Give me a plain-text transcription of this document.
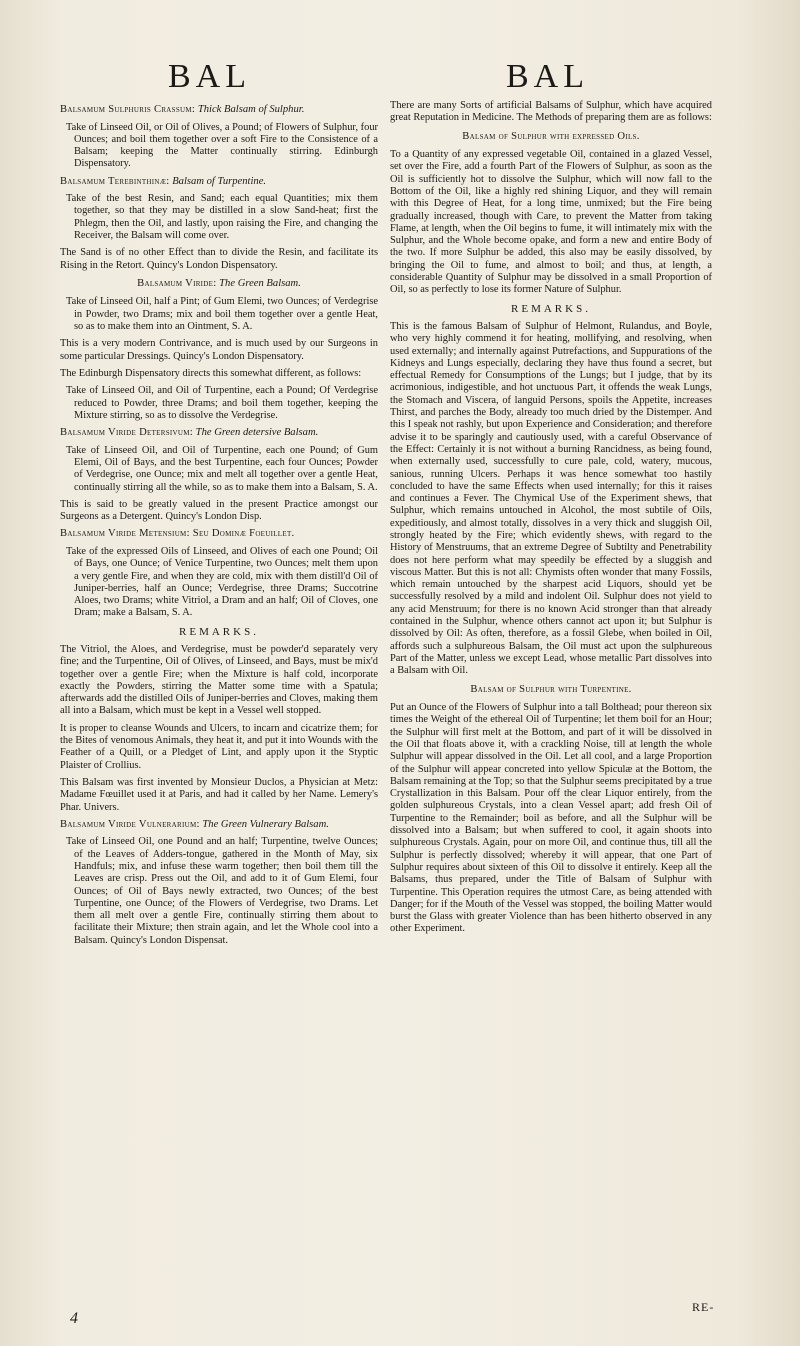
BAL	BAL
Balsamum Sulphuris Crassum: Thick Balsam of Sulphur.

Take of Linseed Oil, or Oil of Olives, a Pound; of Flowers of Sulphur, four Ounces; and boil them together over a soft Fire to the Consistence of a Balsam; keeping the Matter continually stirring. Edinburgh Dispensatory.

Balsamum Terebinthinæ: Balsam of Turpentine.

Take of the best Resin, and Sand; each equal Quantities; mix them together, so that they may be distilled in a slow Sand-heat; first the Phlegm, then the Oil, and lastly, upon raising the Fire, and changing the Receiver, the Balsam will come over.

The Sand is of no other Effect than to divide the Resin, and facilitate its Rising in the Retort. Quincy's London Dispensatory.

Balsamum Viride: The Green Balsam.

Take of Linseed Oil, half a Pint; of Gum Elemi, two Ounces; of Verdegrise in Powder, two Drams; mix and boil them together over a gentle Heat, so as to make them into an Ointment, S. A.

This is a very modern Contrivance, and is much used by our Surgeons in some particular Dressings. Quincy's London Dispensatory.

The Edinburgh Dispensatory directs this somewhat different, as follows:

Take of Linseed Oil, and Oil of Turpentine, each a Pound; Of Verdegrise reduced to Powder, three Drams; and boil them together, keeping the Mixture stirring, so as to dissolve the Verdegrise.

Balsamum Viride Detersivum: The Green detersive Balsam.

Take of Linseed Oil, and Oil of Turpentine, each one Pound; of Gum Elemi, Oil of Bays, and the best Turpentine, each four Ounces; Powder of Verdegrise, one Ounce; mix and melt all together over a gentle Heat, continually stirring all the while, so as to make them into a Balsam, S. A.

This is said to be greatly valued in the present Practice amongst our Surgeons as a Detergent. Quincy's London Disp.

Balsamum Viride Metensium: Seu Dominæ Foeuillet.

Take of the expressed Oils of Linseed, and Olives of each one Pound; Oil of Bays, one Ounce; of Venice Turpentine, two Ounces; melt them upon a very gentle Fire, and when they are cold, mix with them distill'd Oil of Juniper-berries, half an Ounce; Verdegrise, three Drams; Succotrine Aloes, two Drams; white Vitriol, a Dram and an half; Oil of Cloves, one Dram; make a Balsam, S. A.

REMARKS.

The Vitriol, the Aloes, and Verdegrise, must be powder'd separately very fine; and the Turpentine, Oil of Olives, of Linseed, and Bays, must be mix'd together over a gentle Fire; when the Mixture is half cold, incorporate exactly the Powders, stirring the Matter some time with a Spatula; afterwards add the distilled Oils of Juniper-berries and Cloves, making them all into a Balsam, which must be kept in a Vessel well stopped.

It is proper to cleanse Wounds and Ulcers, to incarn and cicatrize them; for the Bites of venomous Animals, they heat it, and put it into Wounds with the Feather of a Quill, or a Pledget of Lint, and apply upon it the Styptic Plaister of Crollius.

This Balsam was first invented by Monsieur Duclos, a Physician at Metz: Madame Fœuillet used it at Paris, and had it called by her Name. Lemery's Phar. Univers.

Balsamum Viride Vulnerarium: The Green Vulnerary Balsam.

Take of Linseed Oil, one Pound and an half; Turpentine, twelve Ounces; of the Leaves of Adders-tongue, gathered in the Month of May, six Handfuls; mix, and infuse these warm together; then boil them till the Leaves are crisp. Press out the Oil, and add to it of Gum Elemi, four Ounces; of Oil of Bays newly extracted, two Ounces; of the best Turpentine, one Ounce; of the Flowers of Verdegrise, two Drams. Let them all melt over a gentle Fire, continually stirring them about to facilitate their Mixture; then strain again, and let the Whole cool into a Balsam. Quincy's London Dispensat.

There are many Sorts of artificial Balsams of Sulphur, which have acquired great Reputation in Medicine. The Methods of preparing them are as follows:

Balsam of Sulphur with expressed Oils.

To a Quantity of any expressed vegetable Oil, contained in a glazed Vessel, set over the Fire, add a fourth Part of the Flowers of Sulphur, as soon as the Oil is sufficiently hot to dissolve the Sulphur, which will now fall to the Bottom of the Oil, like a highly red shining Liquor, and they will remain with this Degree of Heat, for a long time, unmixed; but the Fire being gradually increased, though with Care, to prevent the Matter from taking Flame, at length, when the Oil begins to fume, it will intimately mix with the Sulphur, and the Whole become opake, and form a new and entire Body of the two. If more Sulphur be added, this also may be easily dissolved, by bringing the Oil to fume, and almost to boil; and thus, at length, a considerable Quantity of Sulphur may be dissolved in a small Proportion of Oil, so as perfectly to lose its former Nature of Sulphur.

REMARKS.

This is the famous Balsam of Sulphur of Helmont, Rulandus, and Boyle, who very highly commend it for heating, mollifying, and resolving, when used externally; and internally against Putrefactions, and Suppurations of the Kidneys and Lungs especially, declaring they have thus found a secret, but effectual Remedy for Consumptions of the Lungs; but I judge, that by its acrimonious, indigestible, and hot unctuous Part, it offends the weak Lungs, the Stomach and Viscera, of languid Persons, spoils the Appetite, increases Thirst, and parches the Body, already too much dried by the Distemper. And this I speak not rashly, but upon Experience and Consideration; and therefore advise it to be sparingly and cautiously used, with a careful Observance of the Effect: Certainly it is not without a burning Rancidness, as being found, when externally used, successfully to cure pale, cold, watery, mucous, sanious, running Ulcers. Perhaps it was hence somewhat too hastily concluded to have the same Effects when used internally; for this it raises and continues a Fever. The Chymical Use of the Experiment shews, that Sulphur, which remains untouched in Alcohol, the most subtile of Oils, expeditiously, and almost totally, dissolves in a very thick and sluggish Oil, strongly heated by the Fire; which evidently shews, with regard to the History of Menstruums, that an extreme Degree of Subtilty and Penetrability does not here perform what may speedily be effected by a sluggish and viscous Matter. But this is not all: Chymists often wonder that many Fossils, which remain untouched by the sharpest acid Liquors, should yet be successfully resolved by a mild and indolent Oil. Sulphur does not yield to any acid Menstruum; for there is no known Acid stronger than that already contained in the Sulphur, whence others cannot act upon it; but Sulphur is dissolved by Oil: As often, therefore, as a fossil Glebe, when boiled in Oil, affords such a sulphureous Balsam, the Oil must act upon the sulphureous Part of the Matter, unless we except Lead, whose metallic Part dissolves into a Balsam with Oil.

Balsam of Sulphur with Turpentine.

Put an Ounce of the Flowers of Sulphur into a tall Bolthead; pour thereon six times the Weight of the ethereal Oil of Turpentine; let them boil for an Hour; the Sulphur will first melt at the Bottom, and part of it will be dissolved in the Oil that floats above it, with a crackling Noise, till at length the whole Sulphur will appear dissolved in the Oil. Let all cool, and a large Proportion of the Sulphur will appear concreted into yellow Spiculæ at the Bottom, the Balsam remaining at the Top; so that the Sulphur seems precipitated by a true Crystallization in this Balsam. Pour off the clear Liquor entirely, from the golden sulphureous Crystals, into a clean Vessel apart; add fresh Oil of Turpentine to the Remainder; boil as before, and all the Sulphur will be dissolved into a Balsam; but when suffered to cool, it again shoots into sulphureous Crystals. Again, pour on more Oil, and continue thus, till all the Sulphur is perfectly dissolved; whereby it will appear, that one Part of Sulphur requires about sixteen of this Oil to dissolve it entirely. Keep all the Balsams, thus prepared, under the Title of Balsam of Sulphur with Turpentine. This Operation requires the utmost Care, as being attended with Danger; for if the Mouth of the Vessel was stopped, the boiling Matter would burst the Glass with greater Violence than has been hitherto observed in any other Experiment.

RE-
4
